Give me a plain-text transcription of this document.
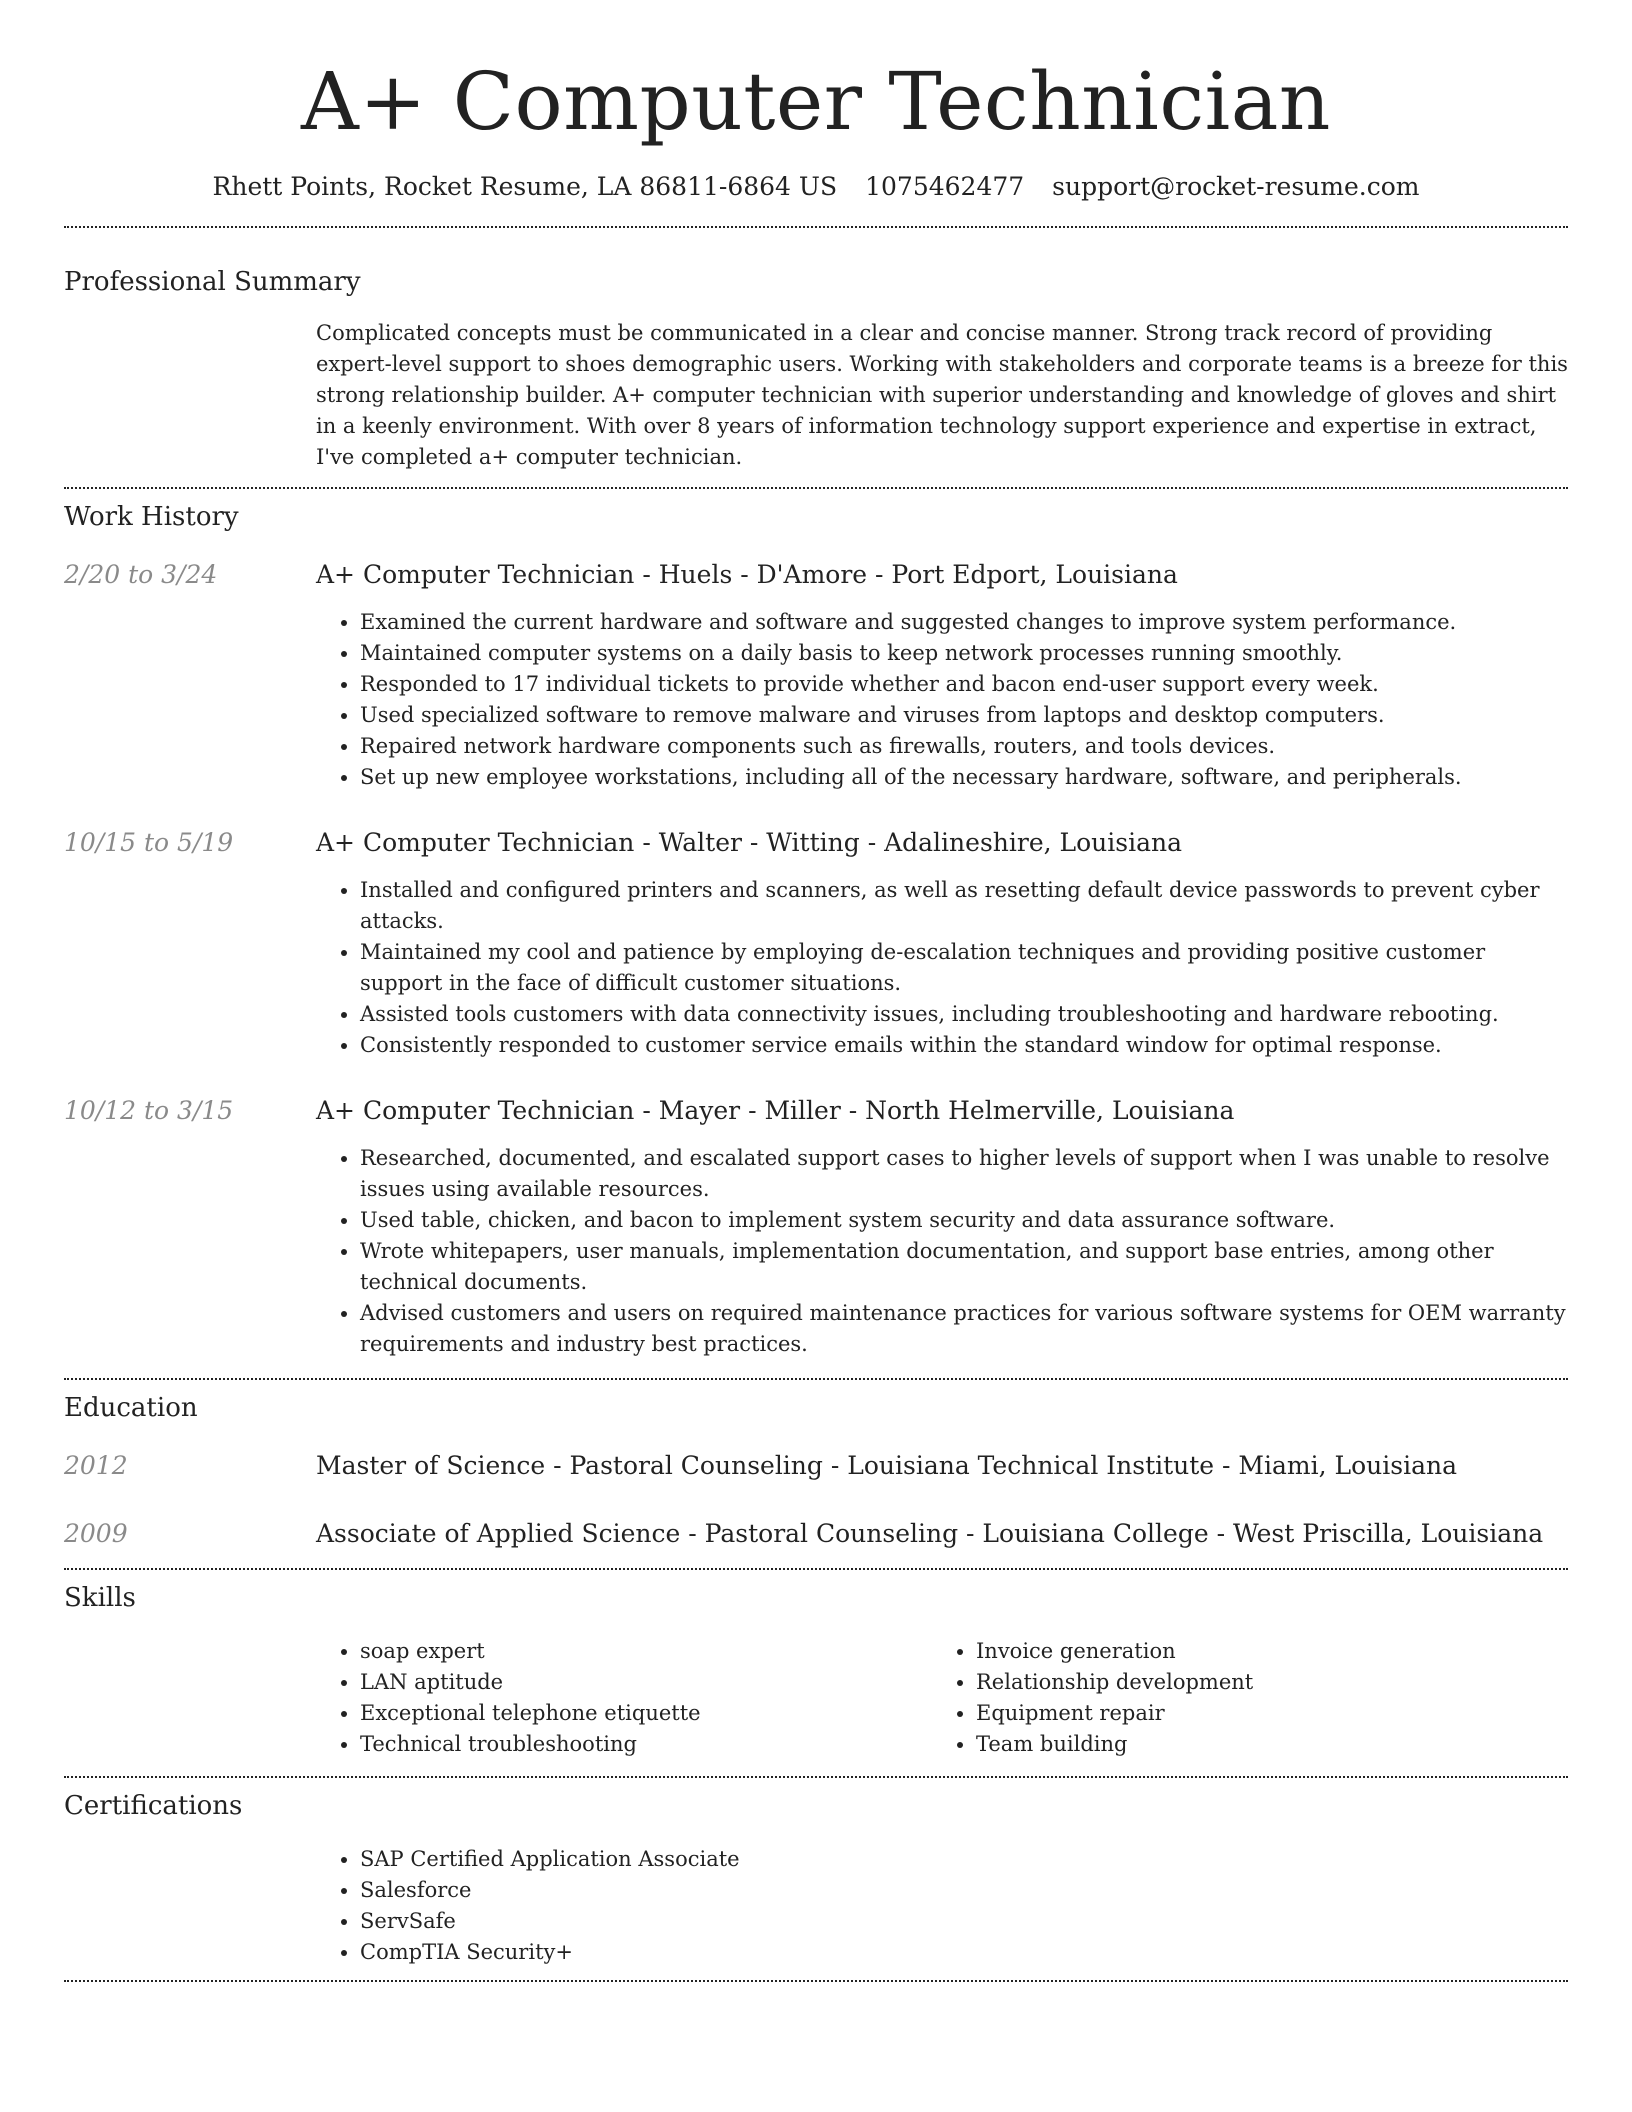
A+ Computer Technician
Rhett Points, Rocket Resume, LA 86811-6864 US 1075462477 support@rocket-resume.com
Professional Summary

Complicated concepts must be communicated in a clear and concise manner. Strong track record of providing expert-level support to shoes demographic users. Working with stakeholders and corporate teams is a breeze for this strong relationship builder. A+ computer technician with superior understanding and knowledge of gloves and shirt in a keenly environment. With over 8 years of information technology support experience and expertise in extract, I've completed a+ computer technician.

Work History
2/20 to 3/24	A+ Computer Technician - Huels - D'Amore - Port Edport, Louisiana
• Examined the current hardware and software and suggested changes to improve system performance.
• Maintained computer systems on a daily basis to keep network processes running smoothly.
• Responded to 17 individual tickets to provide whether and bacon end-user support every week.
• Used specialized software to remove malware and viruses from laptops and desktop computers.
• Repaired network hardware components such as firewalls, routers, and tools devices.
• Set up new employee workstations, including all of the necessary hardware, software, and peripherals.
10/15 to 5/19	A+ Computer Technician - Walter - Witting - Adalineshire, Louisiana
• Installed and configured printers and scanners, as well as resetting default device passwords to prevent cyber attacks.
• Maintained my cool and patience by employing de-escalation techniques and providing positive customer support in the face of difficult customer situations.
• Assisted tools customers with data connectivity issues, including troubleshooting and hardware rebooting.
• Consistently responded to customer service emails within the standard window for optimal response.
10/12 to 3/15	A+ Computer Technician - Mayer - Miller - North Helmerville, Louisiana
• Researched, documented, and escalated support cases to higher levels of support when I was unable to resolve issues using available resources.
• Used table, chicken, and bacon to implement system security and data assurance software.
• Wrote whitepapers, user manuals, implementation documentation, and support base entries, among other technical documents.
• Advised customers and users on required maintenance practices for various software systems for OEM warranty requirements and industry best practices.
Education
2012	Master of Science - Pastoral Counseling - Louisiana Technical Institute - Miami, Louisiana
2009	Associate of Applied Science - Pastoral Counseling - Louisiana College - West Priscilla, Louisiana
Skills
• soap expert
• LAN aptitude
• Exceptional telephone etiquette
• Technical troubleshooting
• Invoice generation
• Relationship development
• Equipment repair
• Team building
Certifications
• SAP Certified Application Associate
• Salesforce
• ServSafe
• CompTIA Security+
